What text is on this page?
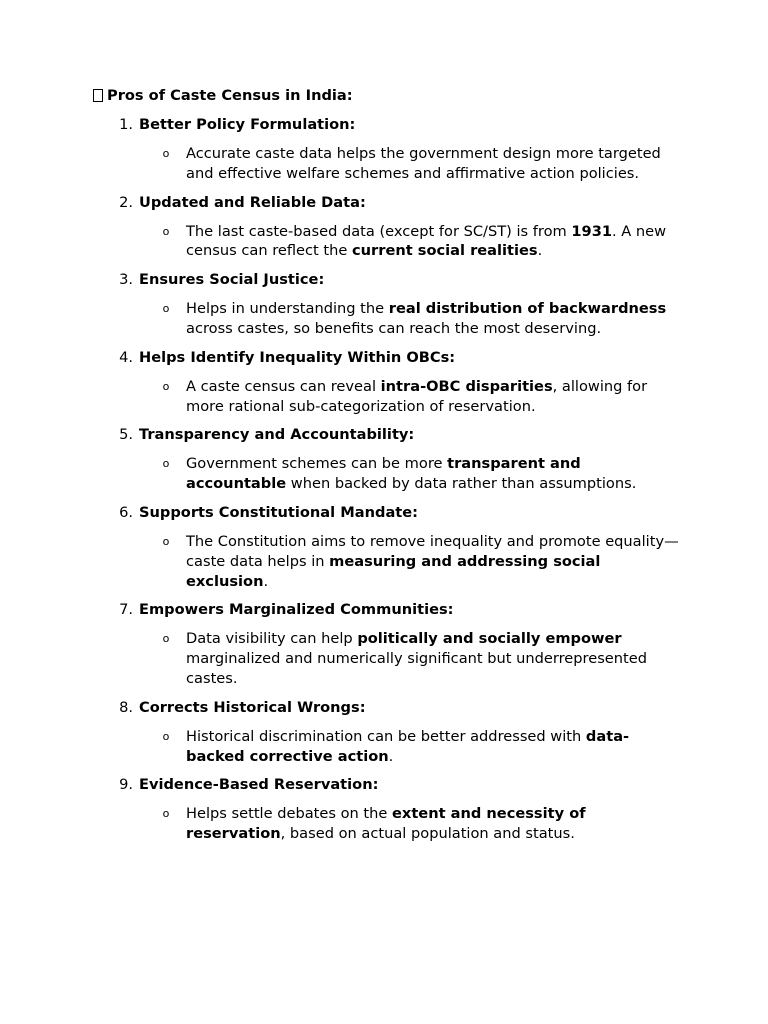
Pros of Caste Census in India:
1. Better Policy Formulation:
o Accurate caste data helps the government design more targeted and effective welfare schemes and affirmative action policies.
2. Updated and Reliable Data:
o The last caste-based data (except for SC/ST) is from 1931. A new census can reflect the current social realities.
3. Ensures Social Justice:
o Helps in understanding the real distribution of backwardness across castes, so benefits can reach the most deserving.
4. Helps Identify Inequality Within OBCs:
o A caste census can reveal intra-OBC disparities, allowing for more rational sub-categorization of reservation.
5. Transparency and Accountability:
o Government schemes can be more transparent and accountable when backed by data rather than assumptions.
6. Supports Constitutional Mandate:
o The Constitution aims to remove inequality and promote equality—caste data helps in measuring and addressing social exclusion.
7. Empowers Marginalized Communities:
o Data visibility can help politically and socially empower marginalized and numerically significant but underrepresented castes.
8. Corrects Historical Wrongs:
o Historical discrimination can be better addressed with data-backed corrective action.
9. Evidence-Based Reservation:
o Helps settle debates on the extent and necessity of reservation, based on actual population and status.
